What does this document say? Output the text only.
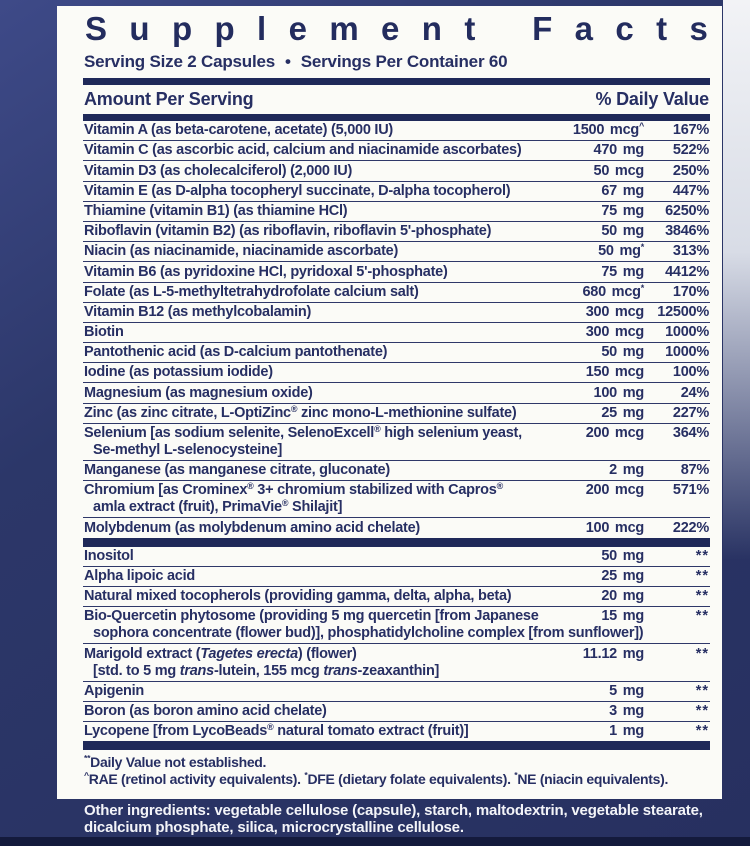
S u p p l e m e n t
F a c t s
Serving Size 2 Capsules • Servings Per Container 60
Amount Per Serving	% Daily Value
Vitamin A (as beta-carotene, acetate) (5,000 IU)	1500 mcg^ 167%
Vitamin C (as ascorbic acid, calcium and niacinamide ascorbates)	470 mg 522%
Vitamin D3 (as cholecalciferol) (2,000 IU)	50 mcg 250%
Vitamin E (as D-alpha tocopheryl succinate, D-alpha tocopherol)	67 mg 447%
Thiamine (vitamin B1) (as thiamine HCl)	75 mg 6250%
Riboflavin (vitamin B2) (as riboflavin, riboflavin 5'-phosphate)	50 mg 3846%
Niacin (as niacinamide, niacinamide ascorbate)	50 mg* 313%
Vitamin B6 (as pyridoxine HCl, pyridoxal 5'-phosphate)	75 mg 4412%
Folate (as L-5-methyltetrahydrofolate calcium salt)	680 mcg* 170%
Vitamin B12 (as methylcobalamin)	300 mcg 12500%
Biotin	300 mcg 1000%
Pantothenic acid (as D-calcium pantothenate)	50 mg 1000%
Iodine (as potassium iodide)	150 mcg 100%
Magnesium (as magnesium oxide)	100 mg	24%
Zinc (as zinc citrate, L-OptiZinc® zinc mono-L-methionine sulfate)	25 mg 227%
Selenium [as sodium selenite, SelenoExcell® high selenium yeast,
Se-methyl L-selenocysteine]
200 mcg 364%
Manganese (as manganese citrate, gluconate)	2 mg	87%
Chromium [as Crominex® 3+ chromium stabilized with Capros®
amla extract (fruit), PrimaVie® Shilajit]
200 mcg 571%
Molybdenum (as molybdenum amino acid chelate)	100 mcg 222%
Inositol	50 mg	**
Alpha lipoic acid	25 mg	**
Natural mixed tocopherols (providing gamma, delta, alpha, beta)	20 mg	**
Bio-Quercetin phytosome (providing 5 mg quercetin [from Japanese
sophora concentrate (flower bud)], phosphatidylcholine complex [from sunflower])
15 mg	**
Marigold extract (Tagetes erecta) (flower)
[std. to 5 mg trans-lutein, 155 mcg trans-zeaxanthin]
11.12 mg	**
Apigenin	5 mg	**
Boron (as boron amino acid chelate)	3 mg	**
Lycopene [from LycoBeads® natural tomato extract (fruit)]	1 mg	**
**Daily Value not established.
^RAE (retinol activity equivalents). *DFE (dietary folate equivalents). *NE (niacin equivalents).
Other ingredients: vegetable cellulose (capsule), starch, maltodextrin, vegetable stearate, dicalcium phosphate, silica, microcrystalline cellulose.
